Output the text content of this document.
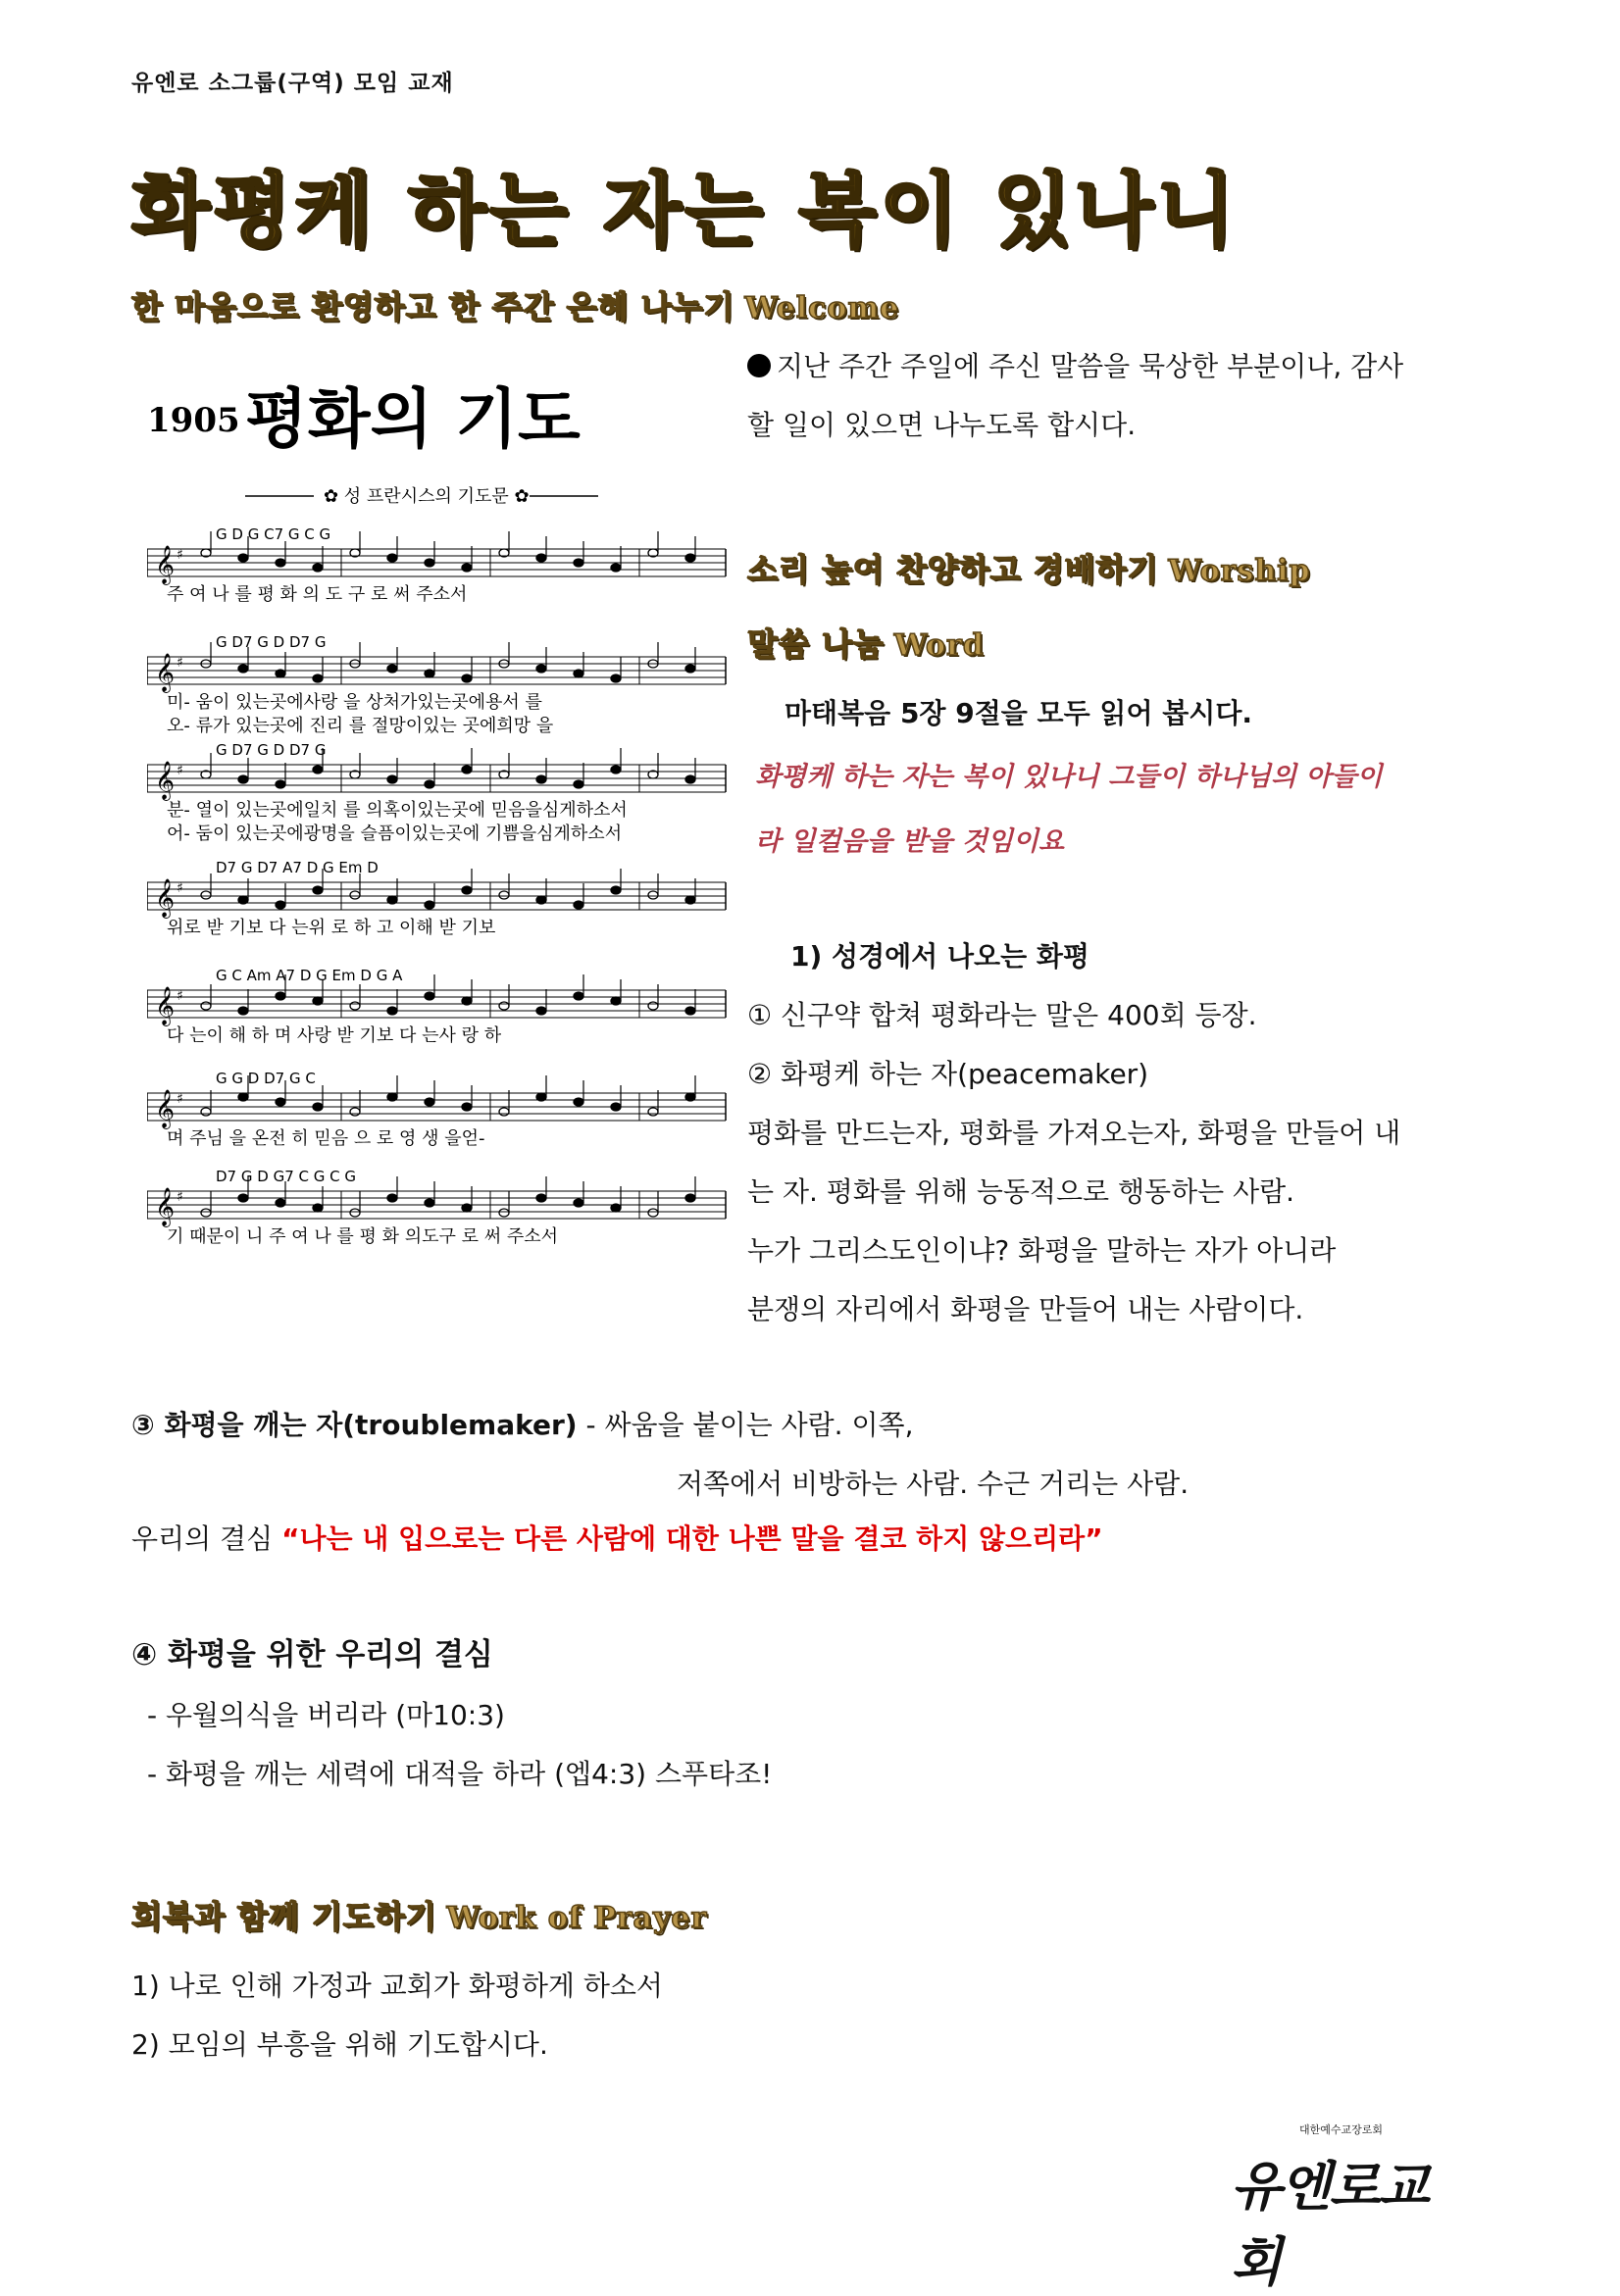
유엔로 소그룹(구역) 모임 교재
화평케 하는 자는 복이 있나니
한 마음으로 환영하고 한 주간 은혜 나누기 Welcome
1905 평화의 기도
✿ 성 프란시스의 기도문 ✿
G D G C7 G C G
𝄞 ♯
주 여 나 를 평 화 의 도 구 로 써 주소서
G D7 G D D7 G
𝄞 ♯
미- 움이 있는곳에사랑 을 상처가있는곳에용서 를
오- 류가 있는곳에 진리 를 절망이있는 곳에희망 을
G D7 G D D7 G
𝄞 ♯
분- 열이 있는곳에일치 를 의혹이있는곳에 믿음을심게하소서
어- 둠이 있는곳에광명을 슬픔이있는곳에 기쁨을심게하소서
D7 G D7 A7 D G Em D
𝄞 ♯
위로 받 기보 다 는위 로 하 고 이해 받 기보
G C Am A7 D G Em D G A
𝄞 ♯
다 는이 해 하 며 사랑 받 기보 다 는사 랑 하
G G D D7 G C
𝄞 ♯
며 주님 을 온전 히 믿음 으 로 영 생 을얻-
D7 G D G7 C G C G
𝄞 ♯
기 때문이 니 주 여 나 를 평 화 의도구 로 써 주소서
지난 주간 주일에 주신 말씀을 묵상한 부분이나, 감사
할 일이 있으면 나누도록 합시다.
소리 높여 찬양하고 경배하기 Worship
말씀 나눔 Word
마태복음 5장 9절을 모두 읽어 봅시다.
화평케 하는 자는 복이 있나니 그들이 하나님의 아들이
라 일컬음을 받을 것임이요
1) 성경에서 나오는 화평
① 신구약 합쳐 평화라는 말은 400회 등장.
② 화평케 하는 자(peacemaker)
평화를 만드는자, 평화를 가져오는자, 화평을 만들어 내
는 자. 평화를 위해 능동적으로 행동하는 사람.
누가 그리스도인이냐? 화평을 말하는 자가 아니라
분쟁의 자리에서 화평을 만들어 내는 사람이다.
③ 화평을 깨는 자(troublemaker) - 싸움을 붙이는 사람. 이쪽,
저쪽에서 비방하는 사람. 수근 거리는 사람.
우리의 결심 “나는 내 입으로는 다른 사람에 대한 나쁜 말을 결코 하지 않으리라”
④ 화평을 위한 우리의 결심
- 우월의식을 버리라 (마10:3)
- 화평을 깨는 세력에 대적을 하라 (엡4:3) 스푸타조!
회복과 함께 기도하기 Work of Prayer
1) 나로 인해 가정과 교회가 화평하게 하소서
2) 모임의 부흥을 위해 기도합시다.
대한예수교장로회
유엔로교회
